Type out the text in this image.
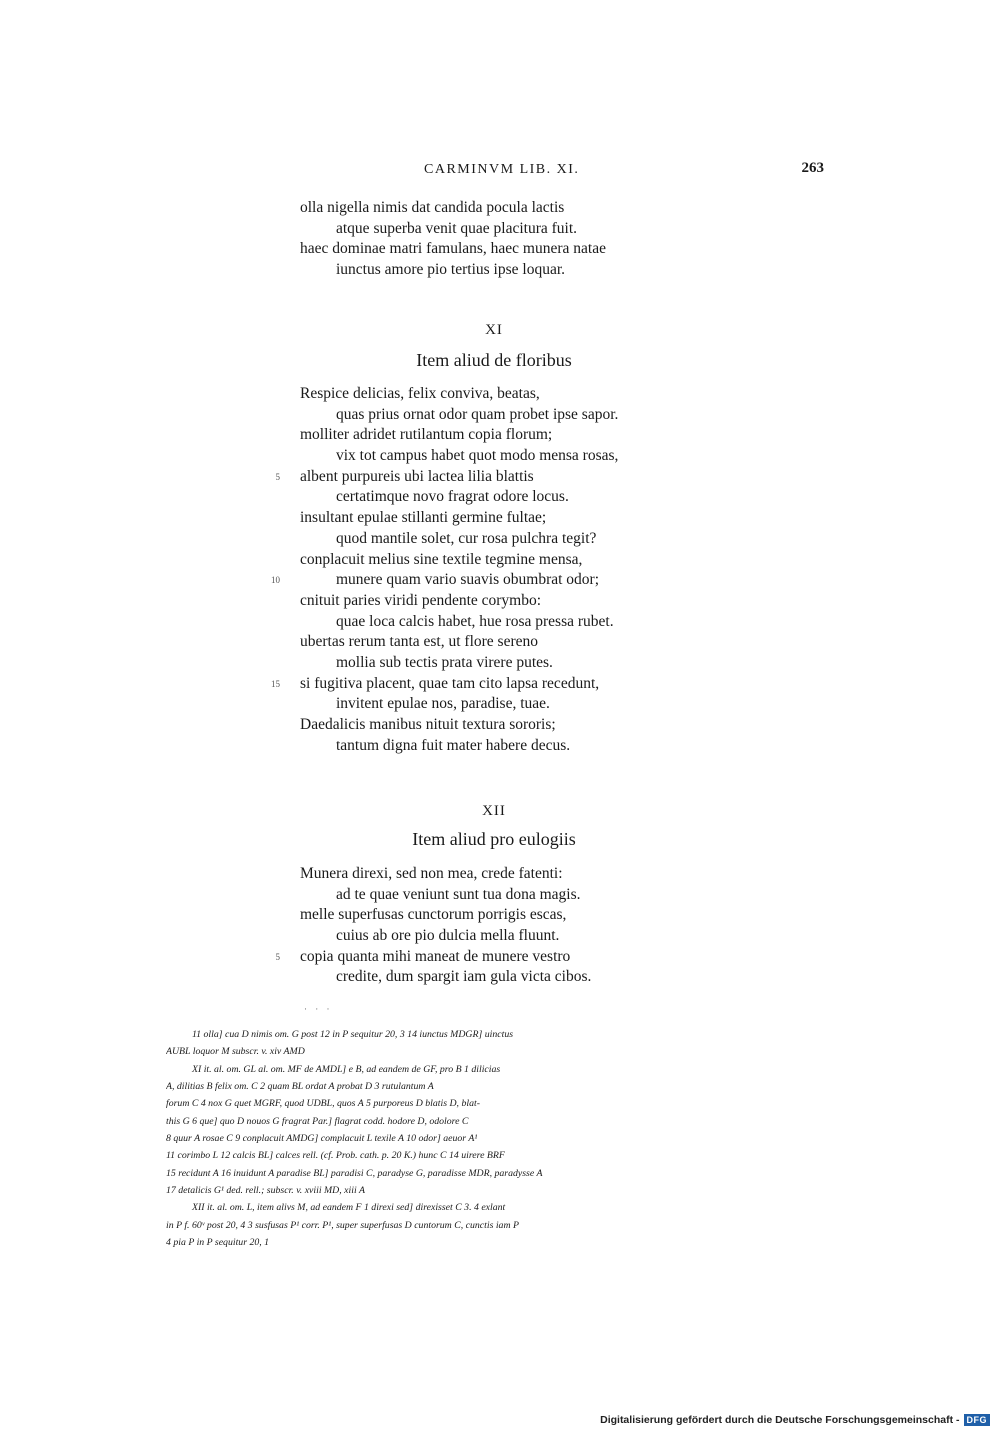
CARMINVM LIB. XI.	263
olla nigella nimis dat candida pocula lactis
atque superba venit quae placitura fuit.
haec dominae matri famulans, haec munera natae
iunctus amore pio tertius ipse loquar.
XI
Item aliud de floribus
Respice delicias, felix conviva, beatas,
quas prius ornat odor quam probet ipse sapor.
molliter adridet rutilantum copia florum;
vix tot campus habet quot modo mensa rosas,
5 albent purpureis ubi lactea lilia blattis
certatimque novo fragrat odore locus.
insultant epulae stillanti germine fultae;
quod mantile solet, cur rosa pulchra tegit?
conplacuit melius sine textile tegmine mensa,
10	munere quam vario suavis obumbrat odor;
cnituit paries viridi pendente corymbo:
quae loca calcis habet, hue rosa pressa rubet.
ubertas rerum tanta est, ut flore sereno
mollia sub tectis prata virere putes.
15 si fugitiva placent, quae tam cito lapsa recedunt,
invitent epulae nos, paradise, tuae.
Daedalicis manibus nituit textura sororis;
tantum digna fuit mater habere decus.
XII
Item aliud pro eulogiis
Munera direxi, sed non mea, crede fatenti:
ad te quae veniunt sunt tua dona magis.
melle superfusas cunctorum porrigis escas,
cuius ab ore pio dulcia mella fluunt.
5 copia quanta mihi maneat de munere vestro
credite, dum spargit iam gula victa cibos.
· · ·
11 olla] cua D nimis om. G post 12 in P sequitur 20, 3 14 iunctus MDGR] uinctus
AUBL loquor M subscr. v. xiv AMD
XI it. al. om. GL al. om. MF de AMDL] e B, ad eandem de GF, pro B 1 dilicias
A, dilitias B felix om. C 2 quam BL ordat A probat D 3 rutulantum A
forum C 4 nox G quet MGRF, quod UDBL, quos A 5 purporeus D blatis D, blat-
this G 6 que] quo D nouos G fragrat Par.] flagrat codd. hodore D, odolore C
8 quur A rosae C 9 conplacuit AMDG] complacuit L texile A 10 odor] aeuor A¹
11 corimbo L 12 calcis BL] calces rell. (cf. Prob. cath. p. 20 K.) hunc C 14 uirere BRF
15 recidunt A 16 inuidunt A paradise BL] paradisi C, paradyse G, paradisse MDR, paradysse A
17 detalicis G¹ ded. rell.; subscr. v. xviii MD, xiii A
XII it. al. om. L, item alivs M, ad eandem F 1 direxi sed] direxisset C 3. 4 exlant
in P f. 60ᵛ post 20, 4 3 susfusas P¹ corr. P¹, super superfusas D cuntorum C, cunctis iam P
4 pia P in P sequitur 20, 1
Digitalisierung gefördert durch die Deutsche Forschungsgemeinschaft - DFG
